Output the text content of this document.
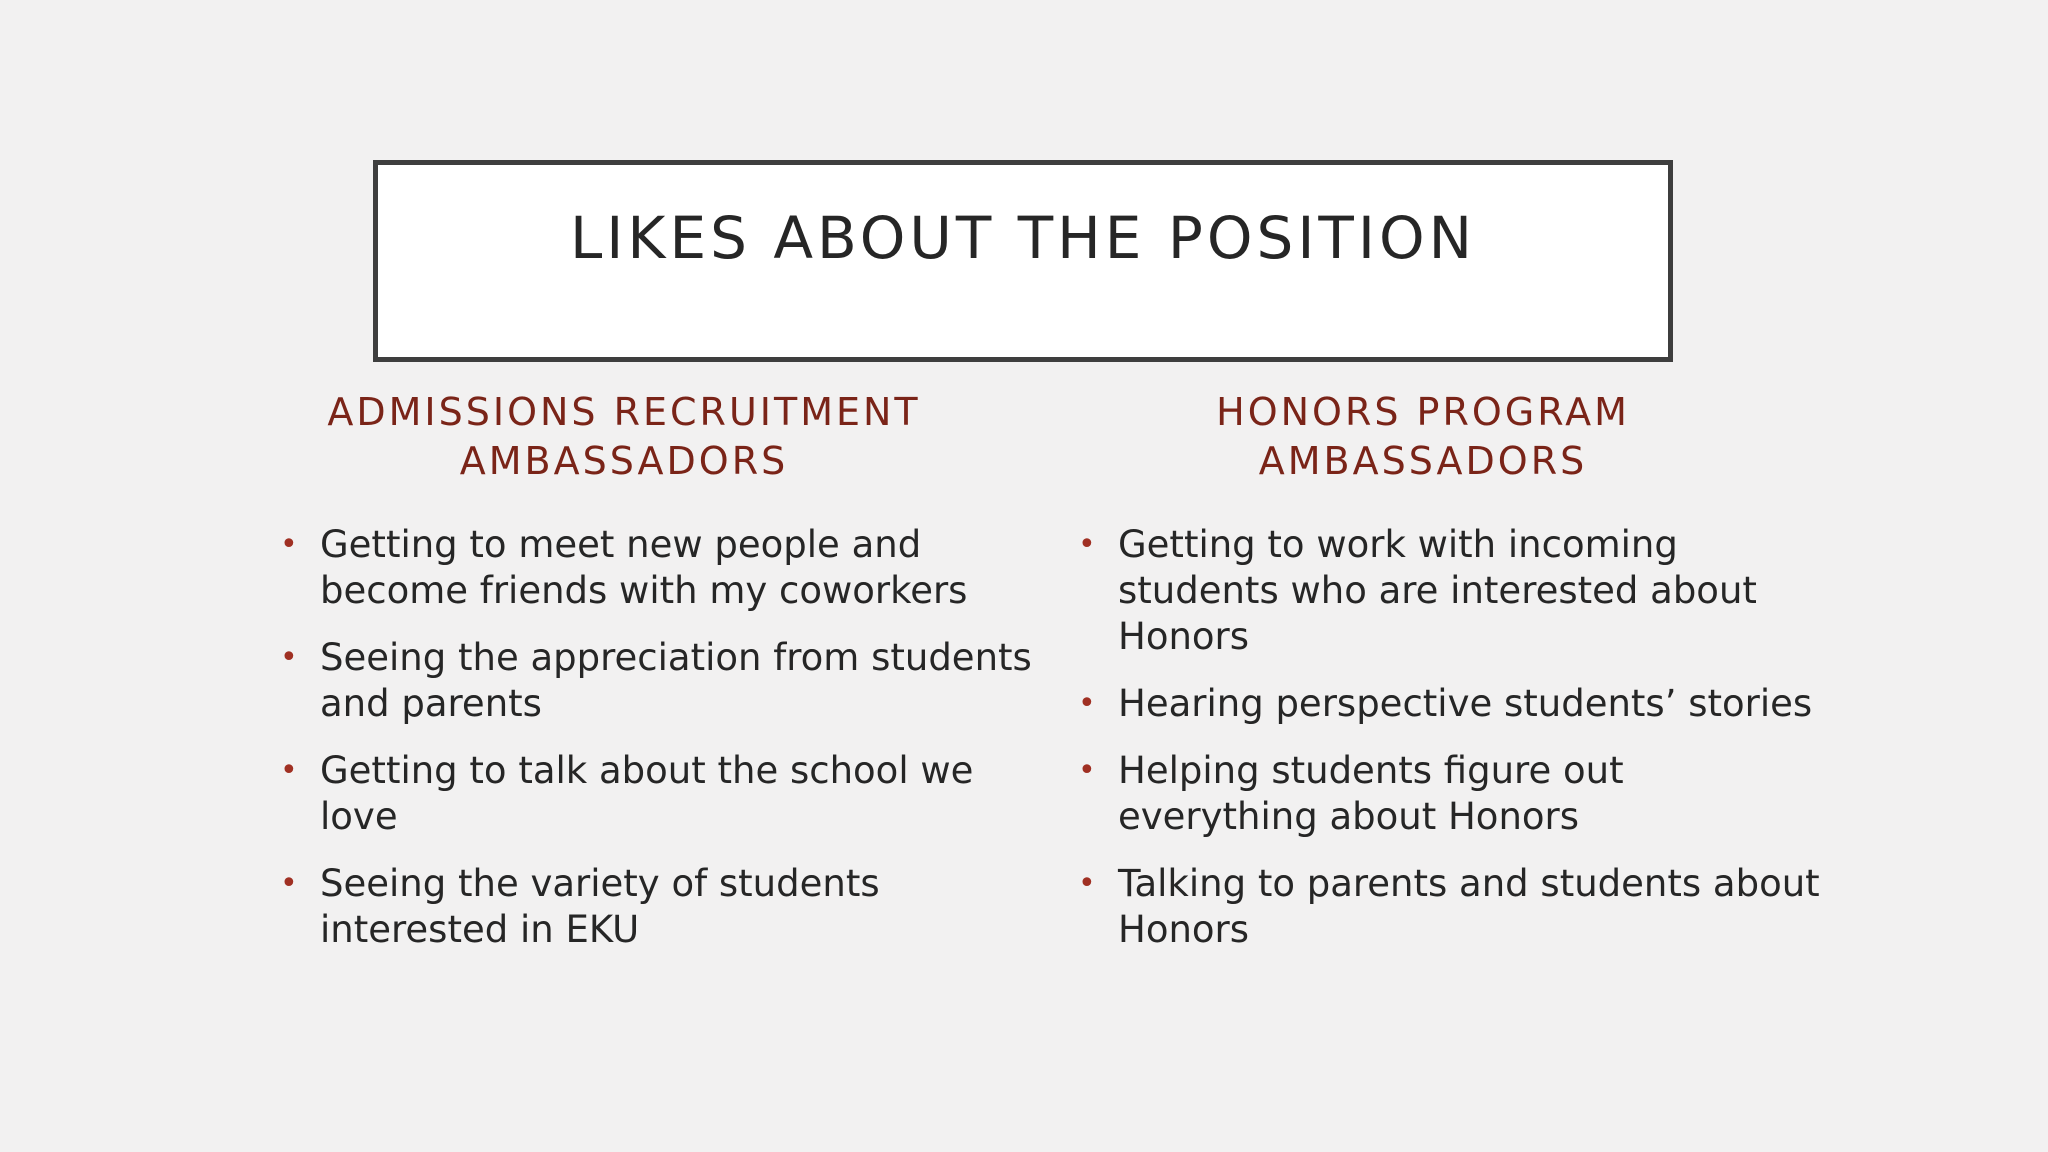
LIKES ABOUT THE POSITION
ADMISSIONS RECRUITMENT
AMBASSADORS
HONORS PROGRAM
AMBASSADORS
• Getting to meet new people and
become friends with my coworkers
• Seeing the appreciation from students
and parents
• Getting to talk about the school we
love
• Seeing the variety of students
interested in EKU
• Getting to work with incoming
students who are interested about
Honors
• Hearing perspective students’ stories
• Helping students figure out
everything about Honors
• Talking to parents and students about
Honors
